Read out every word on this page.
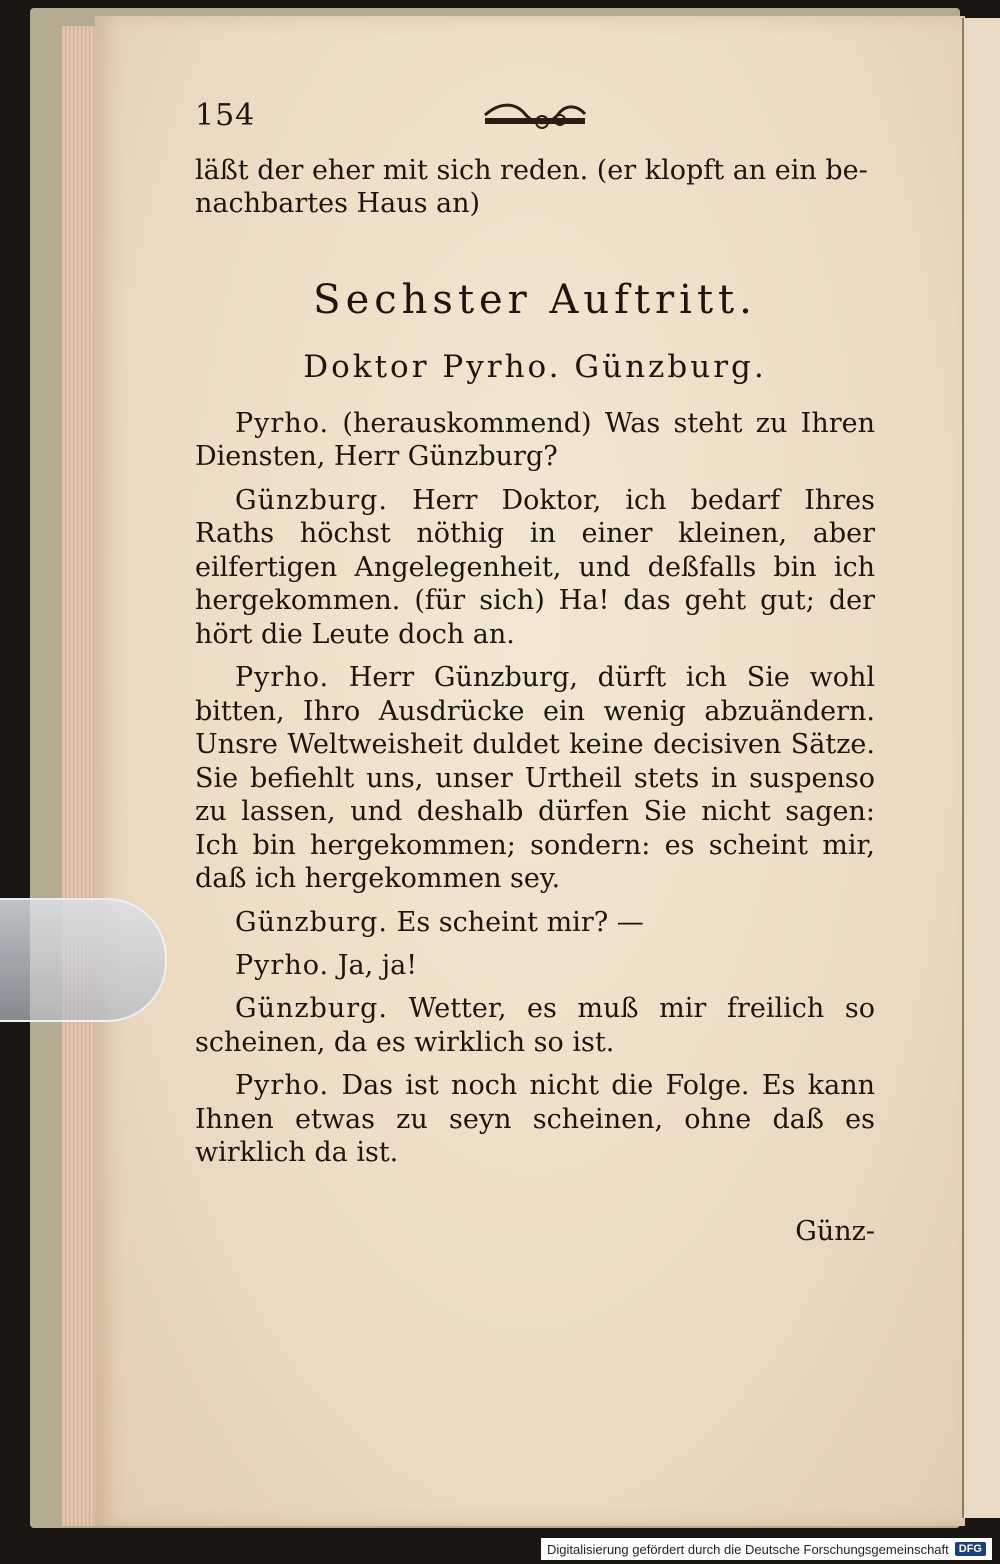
154

läßt der eher mit sich reden. (er klopft an ein be-

nachbartes Haus an)

Sechster Auftritt.
Doktor Pyrho. Günzburg.

Pyrho. (herauskommend) Was steht zu Ihren Diensten, Herr Günzburg?

Günzburg. Herr Doktor, ich bedarf Ihres Raths höchst nöthig in einer kleinen, aber eilfertigen Angelegenheit, und deßfalls bin ich hergekommen. (für sich) Ha! das geht gut; der hört die Leute doch an.

Pyrho. Herr Günzburg, dürft ich Sie wohl bitten, Ihro Ausdrücke ein wenig abzuändern. Unsre Weltweisheit duldet keine decisiven Sätze. Sie befiehlt uns, unser Urtheil stets in suspenso zu lassen, und deshalb dürfen Sie nicht sagen: Ich bin hergekommen; sondern: es scheint mir, daß ich hergekommen sey.

Günzburg. Es scheint mir? —

Pyrho. Ja, ja!

Günzburg. Wetter, es muß mir freilich so scheinen, da es wirklich so ist.

Pyrho. Das ist noch nicht die Folge. Es kann Ihnen etwas zu seyn scheinen, ohne daß es wirklich da ist.

Günz-
Digitalisierung gefördert durch die Deutsche Forschungsgemeinschaft DFG
